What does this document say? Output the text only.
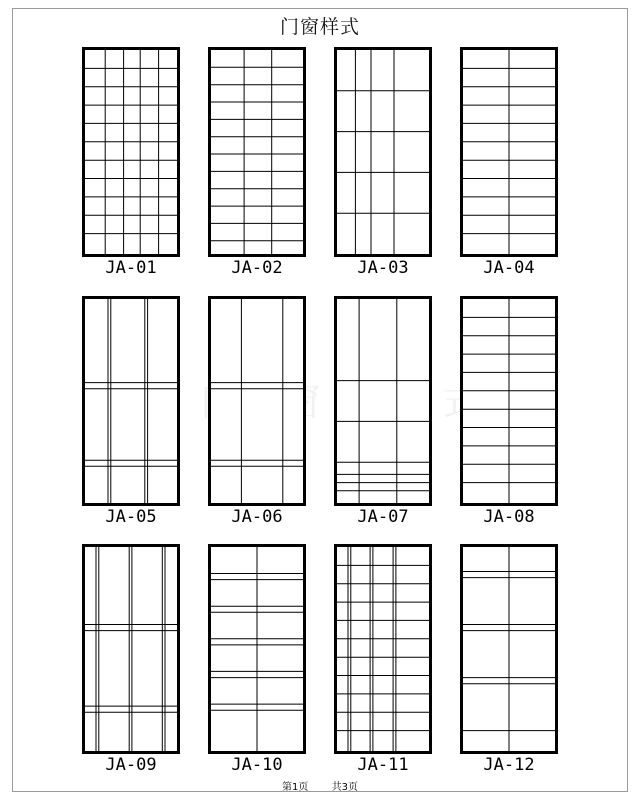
门窗样式
JA-01	JA-02	JA-03	JA-04
JA-05	JA-06	JA-07	JA-08
JA-09	JA-10	JA-11	JA-12
第1页 共3页
